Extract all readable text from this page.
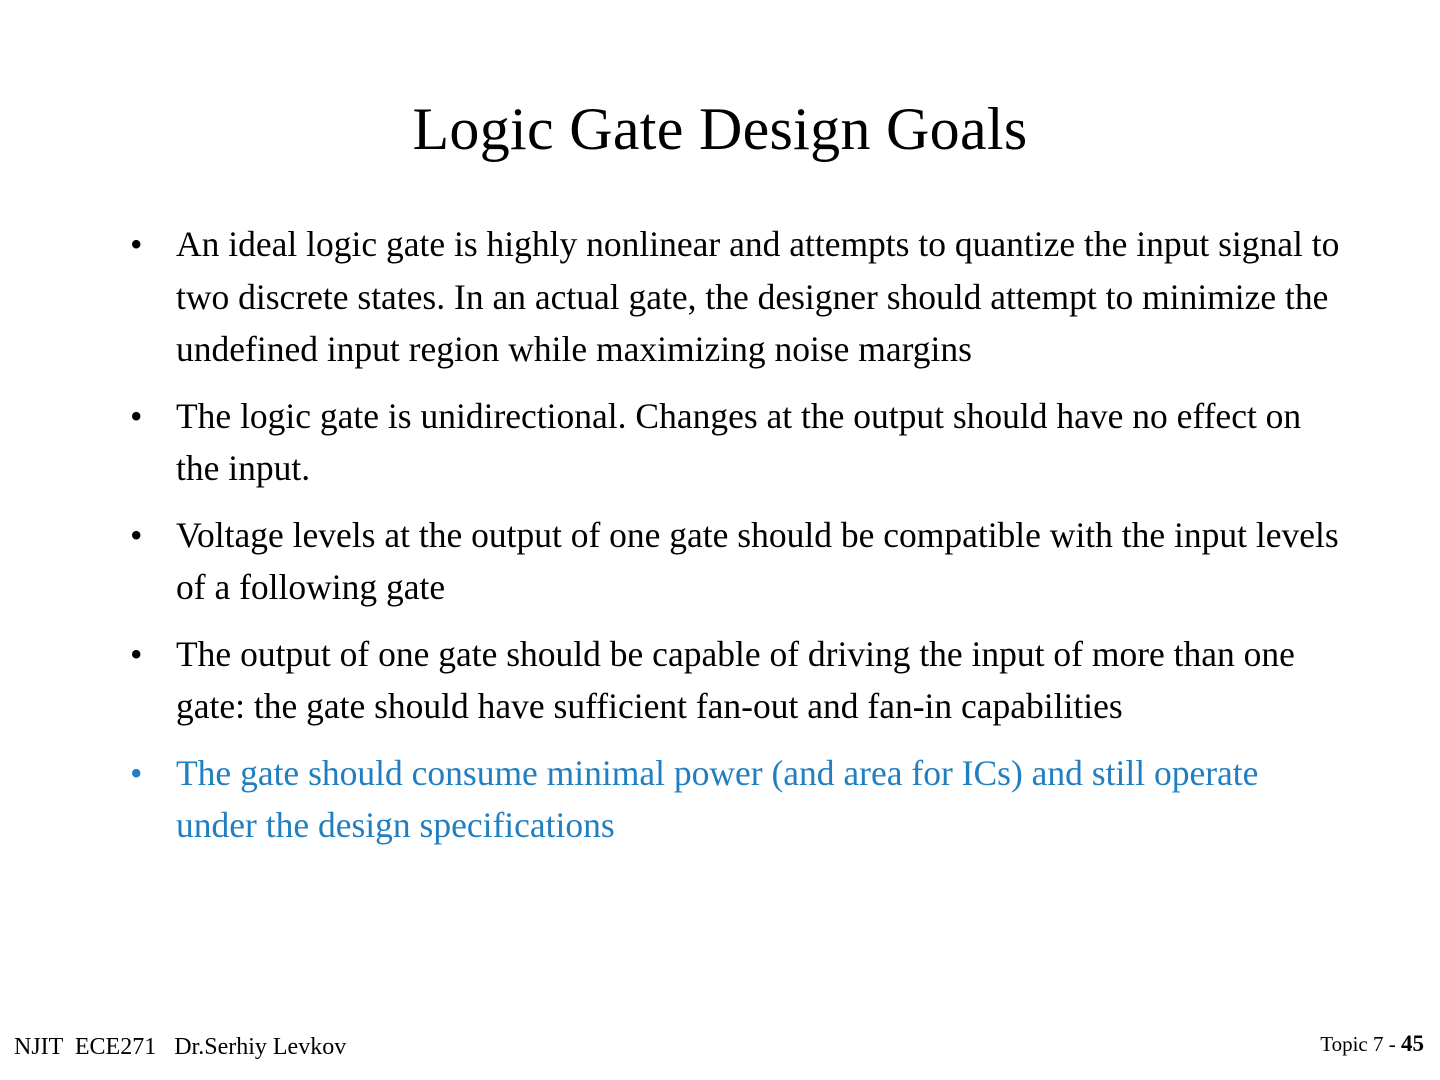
Logic Gate Design Goals
• An ideal logic gate is highly nonlinear and attempts to quantize the input signal to two discrete states. In an actual gate, the designer should attempt to minimize the undefined input region while maximizing noise margins
• The logic gate is unidirectional. Changes at the output should have no effect on the input.
• Voltage levels at the output of one gate should be compatible with the input levels of a following gate
• The output of one gate should be capable of driving the input of more than one gate: the gate should have sufficient fan-out and fan-in capabilities
• The gate should consume minimal power (and area for ICs) and still operate under the design specifications
NJIT  ECE271   Dr.Serhiy Levkov	Topic 7 - 45
